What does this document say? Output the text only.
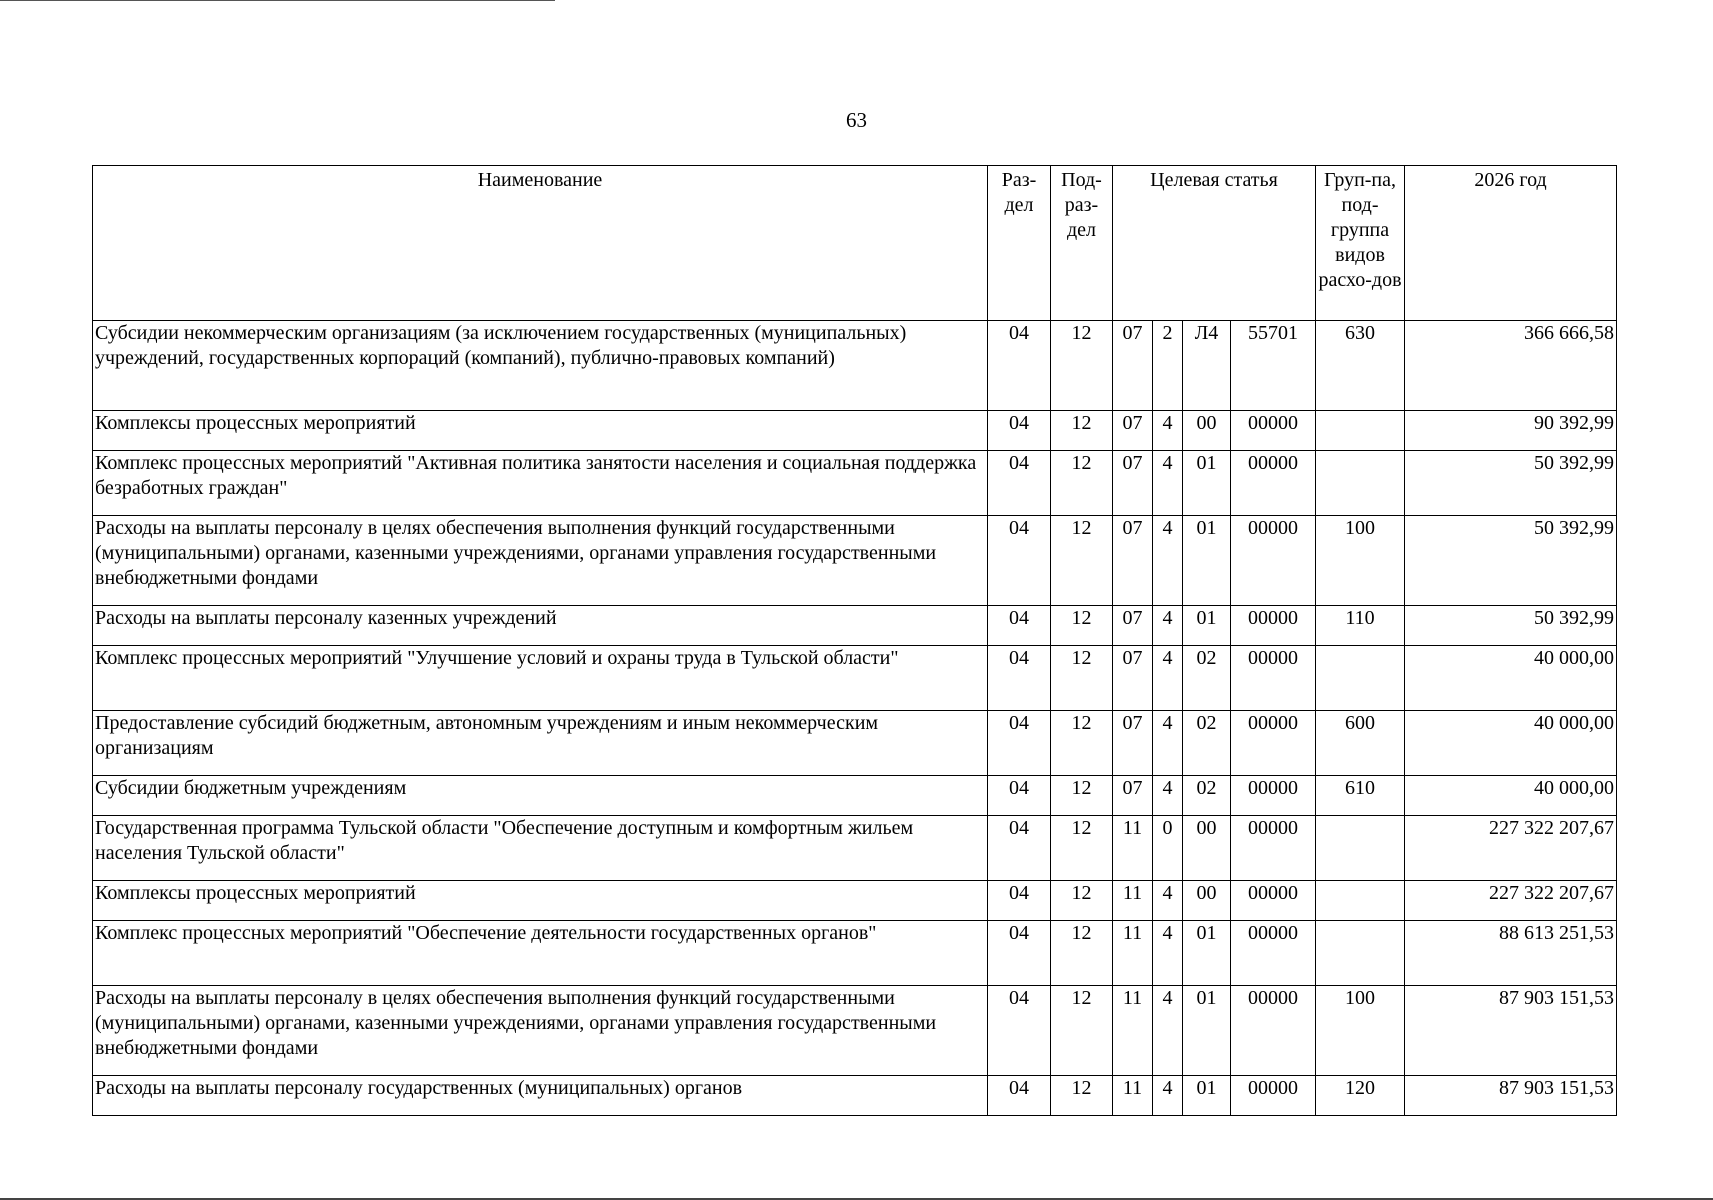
63
Наименование	Раз-дел	Под-раз-дел	Целевая статья				Груп-па, под-группа видов расхо-дов	2026 год
Субсидии некоммерческим организациям (за исключением государственных (муниципальных) учреждений, государственных корпораций (компаний), публично-правовых компаний)	04	12	07	2	Л4	55701	630	366 666,58
Комплексы процессных мероприятий	04	12	07	4	00	00000		90 392,99
Комплекс процессных мероприятий "Активная политика занятости населения и социальная поддержка безработных граждан"	04	12	07	4	01	00000		50 392,99
Расходы на выплаты персоналу в целях обеспечения выполнения функций государственными (муниципальными) органами, казенными учреждениями, органами управления государственными внебюджетными фондами	04	12	07	4	01	00000	100	50 392,99
Расходы на выплаты персоналу казенных учреждений	04	12	07	4	01	00000	110	50 392,99
Комплекс процессных мероприятий "Улучшение условий и охраны труда в Тульской области"	04	12	07	4	02	00000		40 000,00
Предоставление субсидий бюджетным, автономным учреждениям и иным некоммерческим организациям	04	12	07	4	02	00000	600	40 000,00
Субсидии бюджетным учреждениям	04	12	07	4	02	00000	610	40 000,00
Государственная программа Тульской области "Обеспечение доступным и комфортным жильем населения Тульской области"	04	12	11	0	00	00000		227 322 207,67
Комплексы процессных мероприятий	04	12	11	4	00	00000		227 322 207,67
Комплекс процессных мероприятий "Обеспечение деятельности государственных органов"	04	12	11	4	01	00000		88 613 251,53
Расходы на выплаты персоналу в целях обеспечения выполнения функций государственными (муниципальными) органами, казенными учреждениями, органами управления государственными внебюджетными фондами	04	12	11	4	01	00000	100	87 903 151,53
Расходы на выплаты персоналу государственных (муниципальных) органов	04	12	11	4	01	00000	120	87 903 151,53
